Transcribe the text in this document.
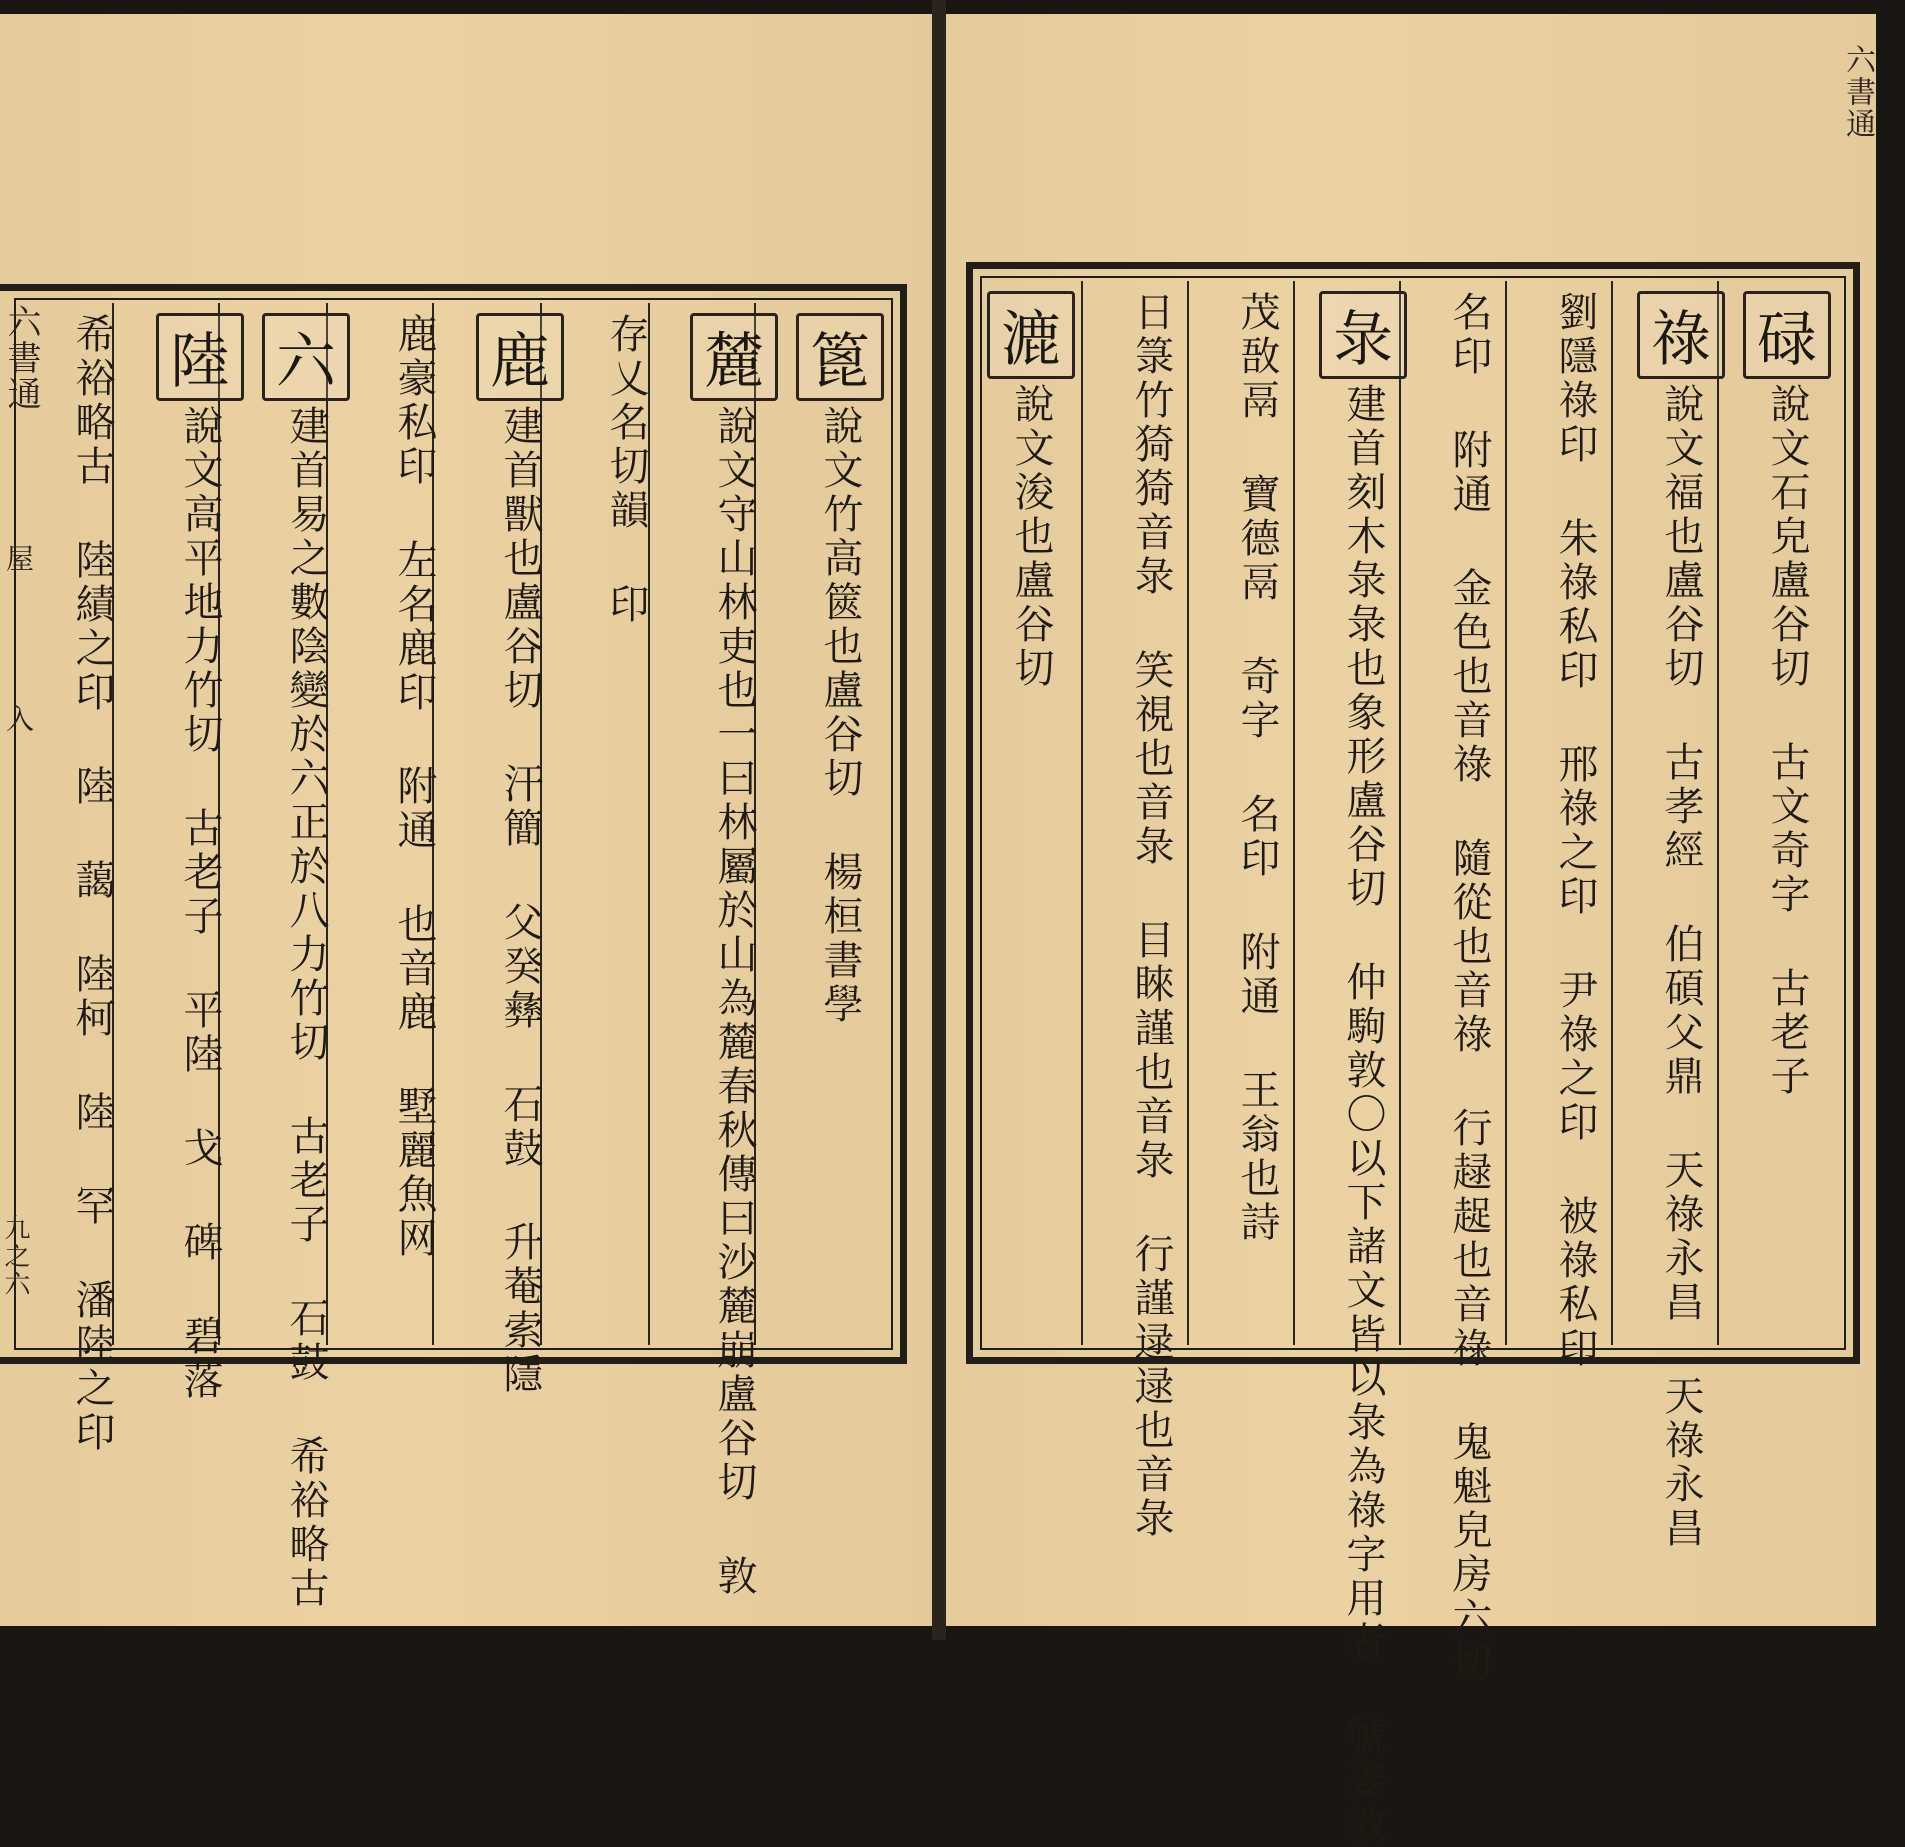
篦
說文竹高篋也盧谷切 楊桓書學
麓
說文守山林吏也一曰林屬於山為麓春秋傳曰沙麓崩盧谷切 敦
存乂名切韻 印
鹿
建首獸也盧谷切 汗簡 父癸彝 石鼓 升菴索隱
鹿豪私印 左名鹿印 附通 也音鹿 墅麗魚网
六
建首易之數陰變於六正於八力竹切 古老子 石鼓 希裕略古
陸
說文高平地力竹切 古老子 平陸 戈 碑 碧落
希裕略古 陸績之印 陸 藹 陸柯 陸 罕 潘陸之印
六書通
屋
入
九之六
碌
說文石皃盧谷切 古文奇字 古老子
祿
說文福也盧谷切 古孝經 伯碩父鼎 天祿永昌 天祿永昌
劉隱祿印 朱祿私印 邢祿之印 尹祿之印 被祿私印
名印 附通 金色也音祿 隨從也音祿 行趢趗也音祿 鬼魁皃房六切
彔
建首刻木彔彔也象形盧谷切 仲駒敦〇以下諸文皆以彔為祿字用者 虢姜敦
茂敔鬲 寶德鬲 奇字 名印 附通 王翁也詩
日箓竹猗猗音彔 笑視也音彔 目睞謹也音彔 行謹逯逯也音彔
漉
說文浚也盧谷切
六書通
